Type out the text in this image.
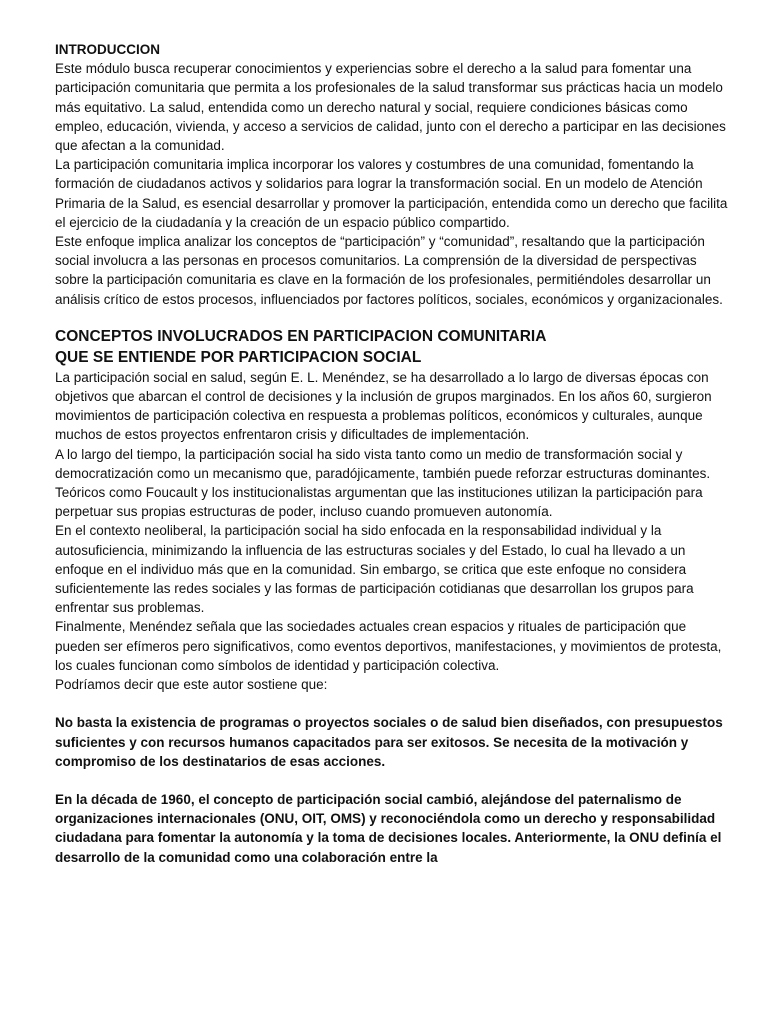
INTRODUCCION

Este módulo busca recuperar conocimientos y experiencias sobre el derecho a la salud para fomentar una participación comunitaria que permita a los profesionales de la salud transformar sus prácticas hacia un modelo más equitativo. La salud, entendida como un derecho natural y social, requiere condiciones básicas como empleo, educación, vivienda, y acceso a servicios de calidad, junto con el derecho a participar en las decisiones que afectan a la comunidad.

La participación comunitaria implica incorporar los valores y costumbres de una comunidad, fomentando la formación de ciudadanos activos y solidarios para lograr la transformación social. En un modelo de Atención Primaria de la Salud, es esencial desarrollar y promover la participación, entendida como un derecho que facilita el ejercicio de la ciudadanía y la creación de un espacio público compartido.

Este enfoque implica analizar los conceptos de “participación” y “comunidad”, resaltando que la participación social involucra a las personas en procesos comunitarios. La comprensión de la diversidad de perspectivas sobre la participación comunitaria es clave en la formación de los profesionales, permitiéndoles desarrollar un análisis crítico de estos procesos, influenciados por factores políticos, sociales, económicos y organizacionales.

CONCEPTOS INVOLUCRADOS EN PARTICIPACION COMUNITARIA

QUE SE ENTIENDE POR PARTICIPACION SOCIAL

La participación social en salud, según E. L. Menéndez, se ha desarrollado a lo largo de diversas épocas con objetivos que abarcan el control de decisiones y la inclusión de grupos marginados. En los años 60, surgieron movimientos de participación colectiva en respuesta a problemas políticos, económicos y culturales, aunque muchos de estos proyectos enfrentaron crisis y dificultades de implementación.

A lo largo del tiempo, la participación social ha sido vista tanto como un medio de transformación social y democratización como un mecanismo que, paradójicamente, también puede reforzar estructuras dominantes. Teóricos como Foucault y los institucionalistas argumentan que las instituciones utilizan la participación para perpetuar sus propias estructuras de poder, incluso cuando promueven autonomía.

En el contexto neoliberal, la participación social ha sido enfocada en la responsabilidad individual y la autosuficiencia, minimizando la influencia de las estructuras sociales y del Estado, lo cual ha llevado a un enfoque en el individuo más que en la comunidad. Sin embargo, se critica que este enfoque no considera suficientemente las redes sociales y las formas de participación cotidianas que desarrollan los grupos para enfrentar sus problemas.

Finalmente, Menéndez señala que las sociedades actuales crean espacios y rituales de participación que pueden ser efímeros pero significativos, como eventos deportivos, manifestaciones, y movimientos de protesta, los cuales funcionan como símbolos de identidad y participación colectiva.

Podríamos decir que este autor sostiene que:

No basta la existencia de programas o proyectos sociales o de salud bien diseñados, con presupuestos suficientes y con recursos humanos capacitados para ser exitosos. Se necesita de la motivación y compromiso de los destinatarios de esas acciones.

En la década de 1960, el concepto de participación social cambió, alejándose del paternalismo de organizaciones internacionales (ONU, OIT, OMS) y reconociéndola como un derecho y responsabilidad ciudadana para fomentar la autonomía y la toma de decisiones locales. Anteriormente, la ONU definía el desarrollo de la comunidad como una colaboración entre la
